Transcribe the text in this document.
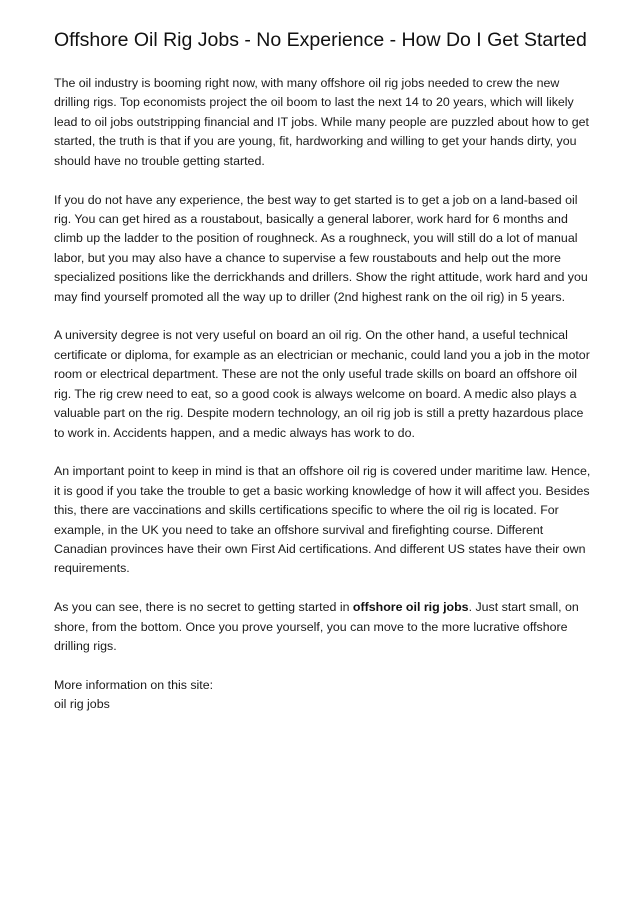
Offshore Oil Rig Jobs - No Experience - How Do I Get Started

The oil industry is booming right now, with many offshore oil rig jobs needed to crew the new drilling rigs. Top economists project the oil boom to last the next 14 to 20 years, which will likely lead to oil jobs outstripping financial and IT jobs. While many people are puzzled about how to get started, the truth is that if you are young, fit, hardworking and willing to get your hands dirty, you should have no trouble getting started.

If you do not have any experience, the best way to get started is to get a job on a land-based oil rig. You can get hired as a roustabout, basically a general laborer, work hard for 6 months and climb up the ladder to the position of roughneck. As a roughneck, you will still do a lot of manual labor, but you may also have a chance to supervise a few roustabouts and help out the more specialized positions like the derrickhands and drillers. Show the right attitude, work hard and you may find yourself promoted all the way up to driller (2nd highest rank on the oil rig) in 5 years.

A university degree is not very useful on board an oil rig. On the other hand, a useful technical certificate or diploma, for example as an electrician or mechanic, could land you a job in the motor room or electrical department. These are not the only useful trade skills on board an offshore oil rig. The rig crew need to eat, so a good cook is always welcome on board. A medic also plays a valuable part on the rig. Despite modern technology, an oil rig job is still a pretty hazardous place to work in. Accidents happen, and a medic always has work to do.

An important point to keep in mind is that an offshore oil rig is covered under maritime law. Hence, it is good if you take the trouble to get a basic working knowledge of how it will affect you. Besides this, there are vaccinations and skills certifications specific to where the oil rig is located. For example, in the UK you need to take an offshore survival and firefighting course. Different Canadian provinces have their own First Aid certifications. And different US states have their own requirements.

As you can see, there is no secret to getting started in offshore oil rig jobs. Just start small, on shore, from the bottom. Once you prove yourself, you can move to the more lucrative offshore drilling rigs.

More information on this site:
oil rig jobs
